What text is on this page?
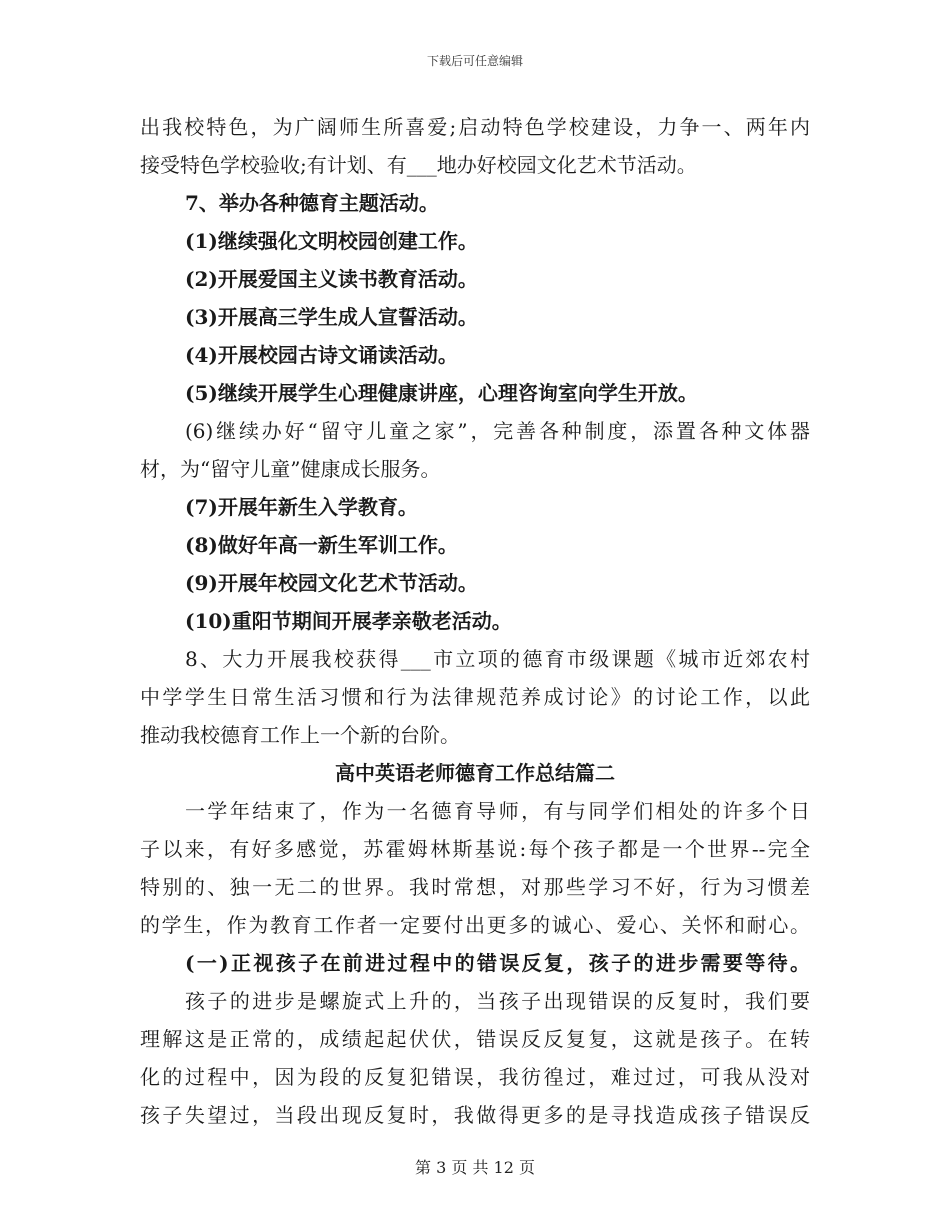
下载后可任意编辑
出我校特色，为广阔师生所喜爱;启动特色学校建设，力争一、两年内
接受特色学校验收;有计划、有___地办好校园文化艺术节活动。
7、举办各种德育主题活动。
(1)继续强化文明校园创建工作。
(2)开展爱国主义读书教育活动。
(3)开展高三学生成人宣誓活动。
(4)开展校园古诗文诵读活动。
(5)继续开展学生心理健康讲座，心理咨询室向学生开放。
(6)继续办好“留守儿童之家”，完善各种制度，添置各种文体器
材，为“留守儿童”健康成长服务。
(7)开展年新生入学教育。
(8)做好年高一新生军训工作。
(9)开展年校园文化艺术节活动。
(10)重阳节期间开展孝亲敬老活动。
8、大力开展我校获得___市立项的德育市级课题《城市近郊农村
中学学生日常生活习惯和行为法律规范养成讨论》的讨论工作，以此
推动我校德育工作上一个新的台阶。
高中英语老师德育工作总结篇二
一学年结束了，作为一名德育导师，有与同学们相处的许多个日
子以来，有好多感觉，苏霍姆林斯基说:每个孩子都是一个世界--完全
特别的、独一无二的世界。我时常想，对那些学习不好，行为习惯差
的学生，作为教育工作者一定要付出更多的诚心、爱心、关怀和耐心。
(一)正视孩子在前进过程中的错误反复，孩子的进步需要等待。
孩子的进步是螺旋式上升的，当孩子出现错误的反复时，我们要
理解这是正常的，成绩起起伏伏，错误反反复复，这就是孩子。在转
化的过程中，因为段的反复犯错误，我彷徨过，难过过，可我从没对
孩子失望过，当段出现反复时，我做得更多的是寻找造成孩子错误反
第 3 页 共 12 页
